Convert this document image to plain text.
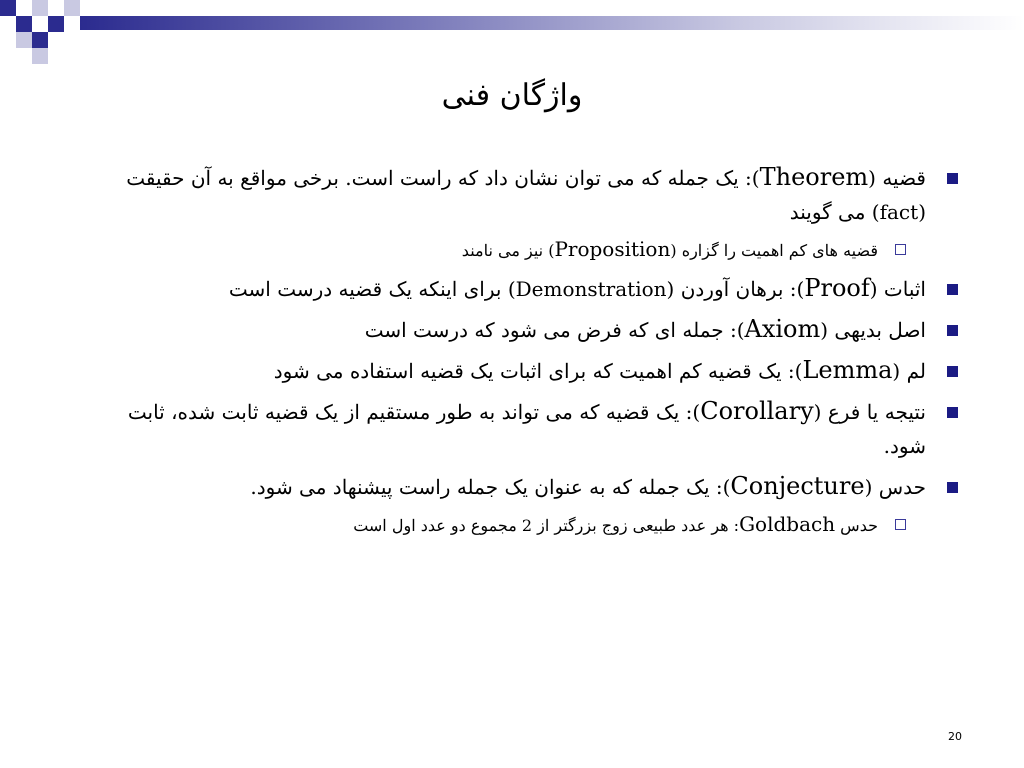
واژگان فنی
قضیه (Theorem): یک جمله که می توان نشان داد که راست است. برخی مواقع به آن حقیقت (fact) می گویند
قضیه های کم اهمیت را گزاره (Proposition) نیز می نامند
اثبات (Proof): برهان آوردن (Demonstration) برای اینکه یک قضیه درست است
اصل بدیهی (Axiom): جمله ای که فرض می شود که درست است
لم (Lemma): یک قضیه کم اهمیت که برای اثبات یک قضیه استفاده می شود
نتیجه یا فرع (Corollary): یک قضیه که می تواند به طور مستقیم از یک قضیه ثابت شده، ثابت شود.
حدس (Conjecture): یک جمله که به عنوان یک جمله راست پیشنهاد می شود.
حدس Goldbach: هر عدد طبیعی زوج بزرگتر از 2 مجموع دو عدد اول است
20
